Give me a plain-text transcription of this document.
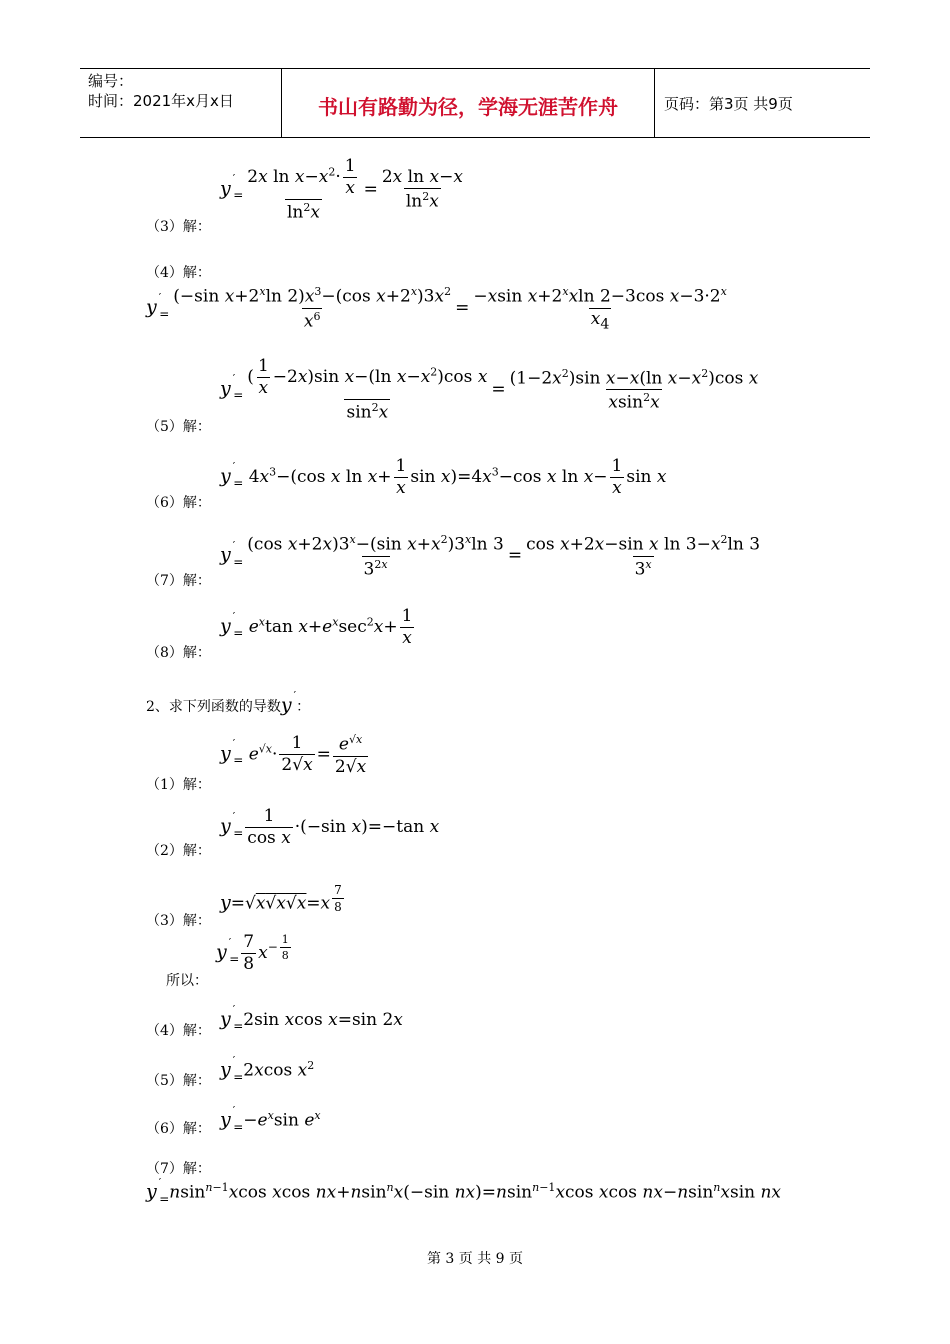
编号：
时间：2021年x月x日	书山有路勤为径，学海无涯苦作舟	页码：第3页 共9页
（3）解：
y $'_= \frac{2x \ln x-x^2\cdot \frac{1}{x}}{\ln^2x} = \frac{\text{2x ln x−x}}{\ln^2x}$
（4）解：
y $'_= \frac{(-\sin x+2^x\ln 2)x^3-(\cos x+2^x)3x^2}{x^6} = \frac{-xsin x+2^xxln 2-3\cos x-3\cdot 2^x}{x_4}$
（5）解：
y $'_= \frac{( \frac{1}{x} -2x)\sin x-(\ln x-x^2)\cos x}{\sin^2x} = \frac{(1-2x^2)\sin x-x(\ln x-x^2)\cos x}{xsin^2x}$
（6）解：
y ′$_=$ $4x^3-(\cos$ x $\ln x+ \frac{1}{x}$ $\sin x)=4x^3-\cos$ x $\ln x- \frac{1}{x}$ sin x
（7）解：
y $'_= \frac{(\cos x+2x)3^x-(\sin x+x^2)3^x\ln 3}{3^{2x}} = \frac{\cos x+2x-\sin x \ln 3-x^2\ln 3}{3^x}$
（8）解：
y ′$_=$ $e^x\tan$ $x+e^x\sec^2x+ \frac{1}{x}$
2、求下列函数的导数y ′：
（1）解：
y ′$_=$ $e^{√x}\cdot \frac{1}{2√x} = \frac{e^{√x}}{2√x}$
（2）解：
y $'_= \frac{1}{\text{cos x}} \cdot(-\sin$ x)=−tan x
（3）解：
y=√x√x√x=x $^{\frac{7}{8}}$
所以：
y $'_= \frac{7}{8} x^{- \frac{1}{8}}$
（4）解：
y ′$_=$2sin xcos x=sin 2x
（5）解：
y ′$_=$2xcos $x^2$
（6）解： y $'_=-e^x\sin$ $e^x$
（7）解：
y ′$_=$nsin$^{n-1}$xcos xcos nx+nsin$^n$x(−sin nx)=nsin$^{n-1}$xcos xcos nx−nsin$^n$xsin nx
第 3 页 共 9 页
